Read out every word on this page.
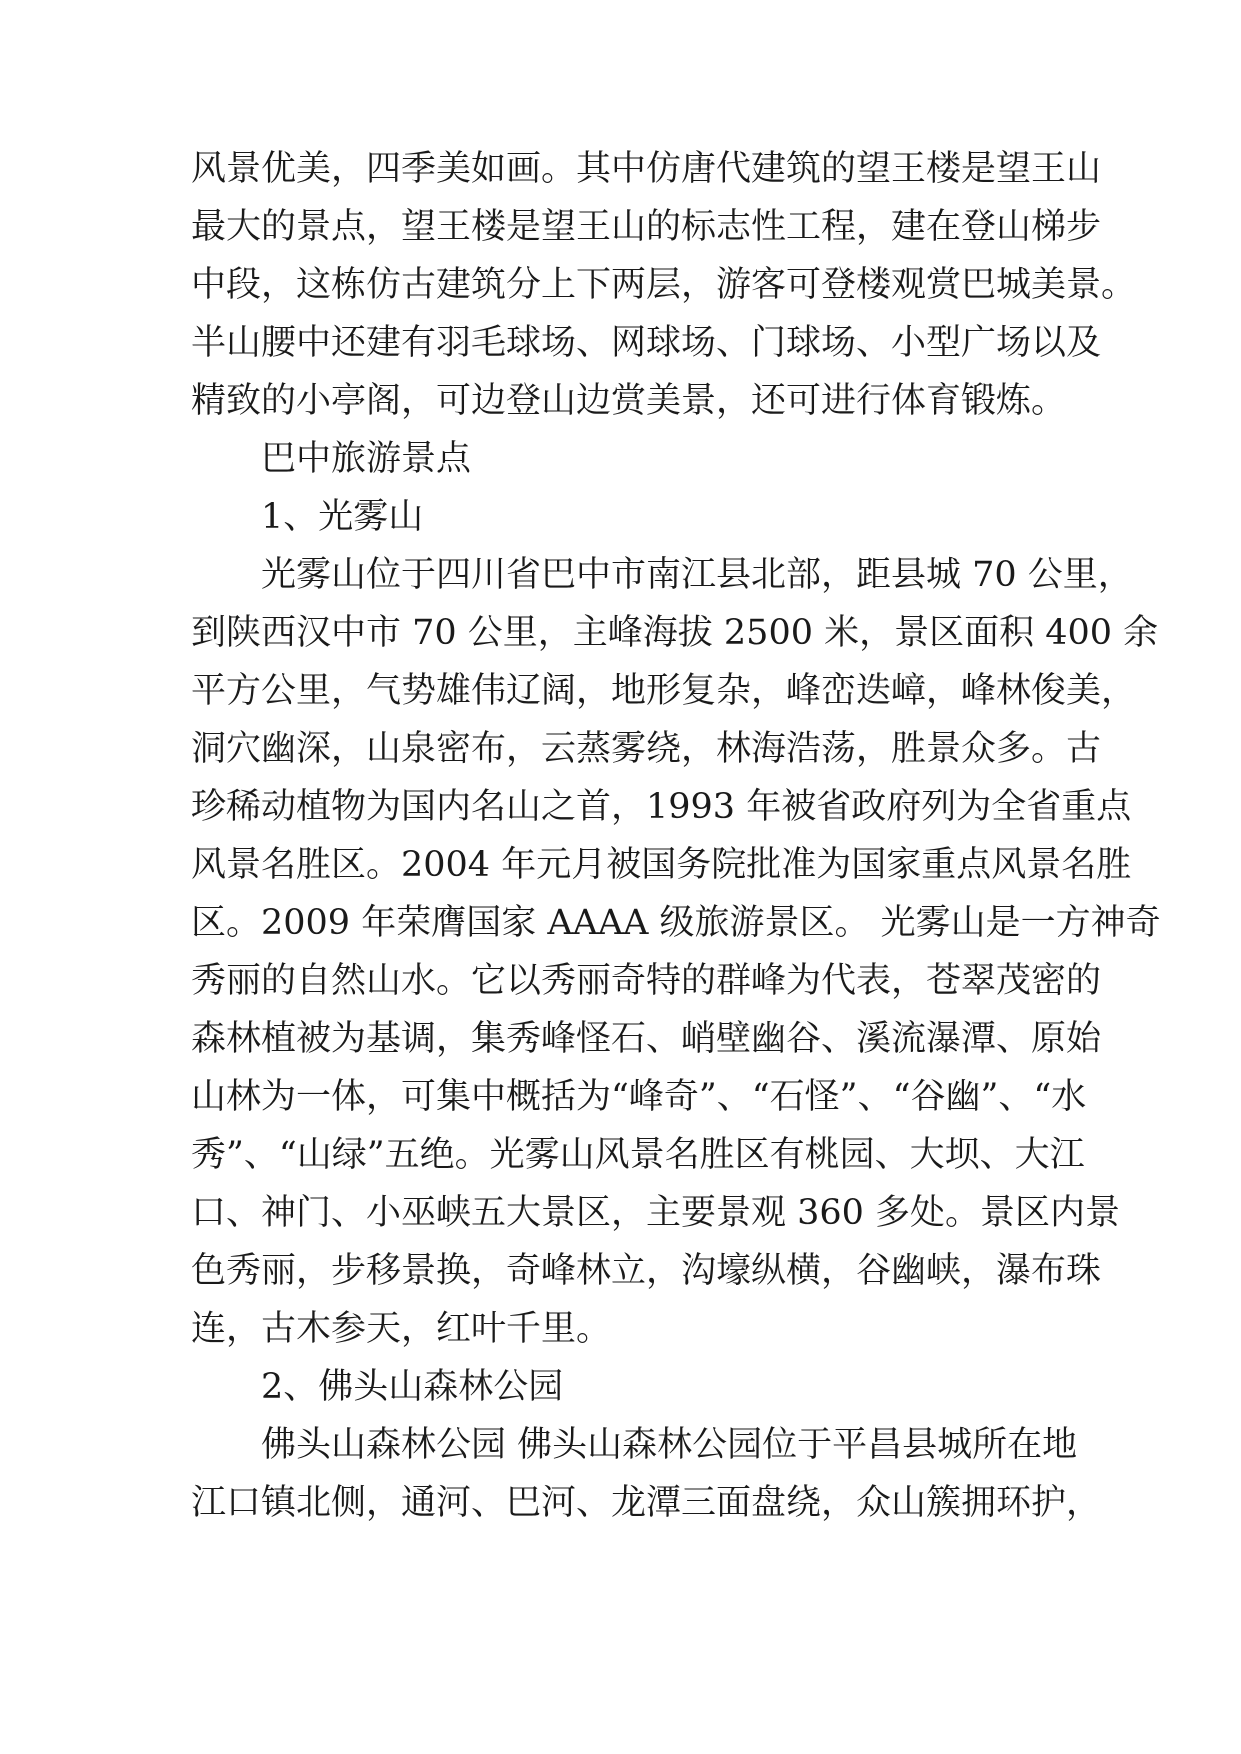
风景优美，四季美如画。其中仿唐代建筑的望王楼是望王山
最大的景点，望王楼是望王山的标志性工程，建在登山梯步
中段，这栋仿古建筑分上下两层，游客可登楼观赏巴城美景。
半山腰中还建有羽毛球场、网球场、门球场、小型广场以及
精致的小亭阁，可边登山边赏美景，还可进行体育锻炼。
巴中旅游景点
1、光雾山
光雾山位于四川省巴中市南江县北部，距县城 70 公里，
到陕西汉中市 70 公里，主峰海拔 2500 米，景区面积 400 余
平方公里，气势雄伟辽阔，地形复杂，峰峦迭嶂，峰林俊美，
洞穴幽深，山泉密布，云蒸雾绕，林海浩荡，胜景众多。古
珍稀动植物为国内名山之首，1993 年被省政府列为全省重点
风景名胜区。2004 年元月被国务院批准为国家重点风景名胜
区。2009 年荣膺国家 AAAA 级旅游景区。 光雾山是一方神奇
秀丽的自然山水。它以秀丽奇特的群峰为代表，苍翠茂密的
森林植被为基调，集秀峰怪石、峭壁幽谷、溪流瀑潭、原始
山林为一体，可集中概括为“峰奇”、“石怪”、“谷幽”、“水
秀”、“山绿”五绝。光雾山风景名胜区有桃园、大坝、大江
口、神门、小巫峡五大景区，主要景观 360 多处。景区内景
色秀丽，步移景换，奇峰林立，沟壕纵横，谷幽峡，瀑布珠
连，古木参天，红叶千里。
2、佛头山森林公园
佛头山森林公园 佛头山森林公园位于平昌县城所在地
江口镇北侧，通河、巴河、龙潭三面盘绕，众山簇拥环护，
